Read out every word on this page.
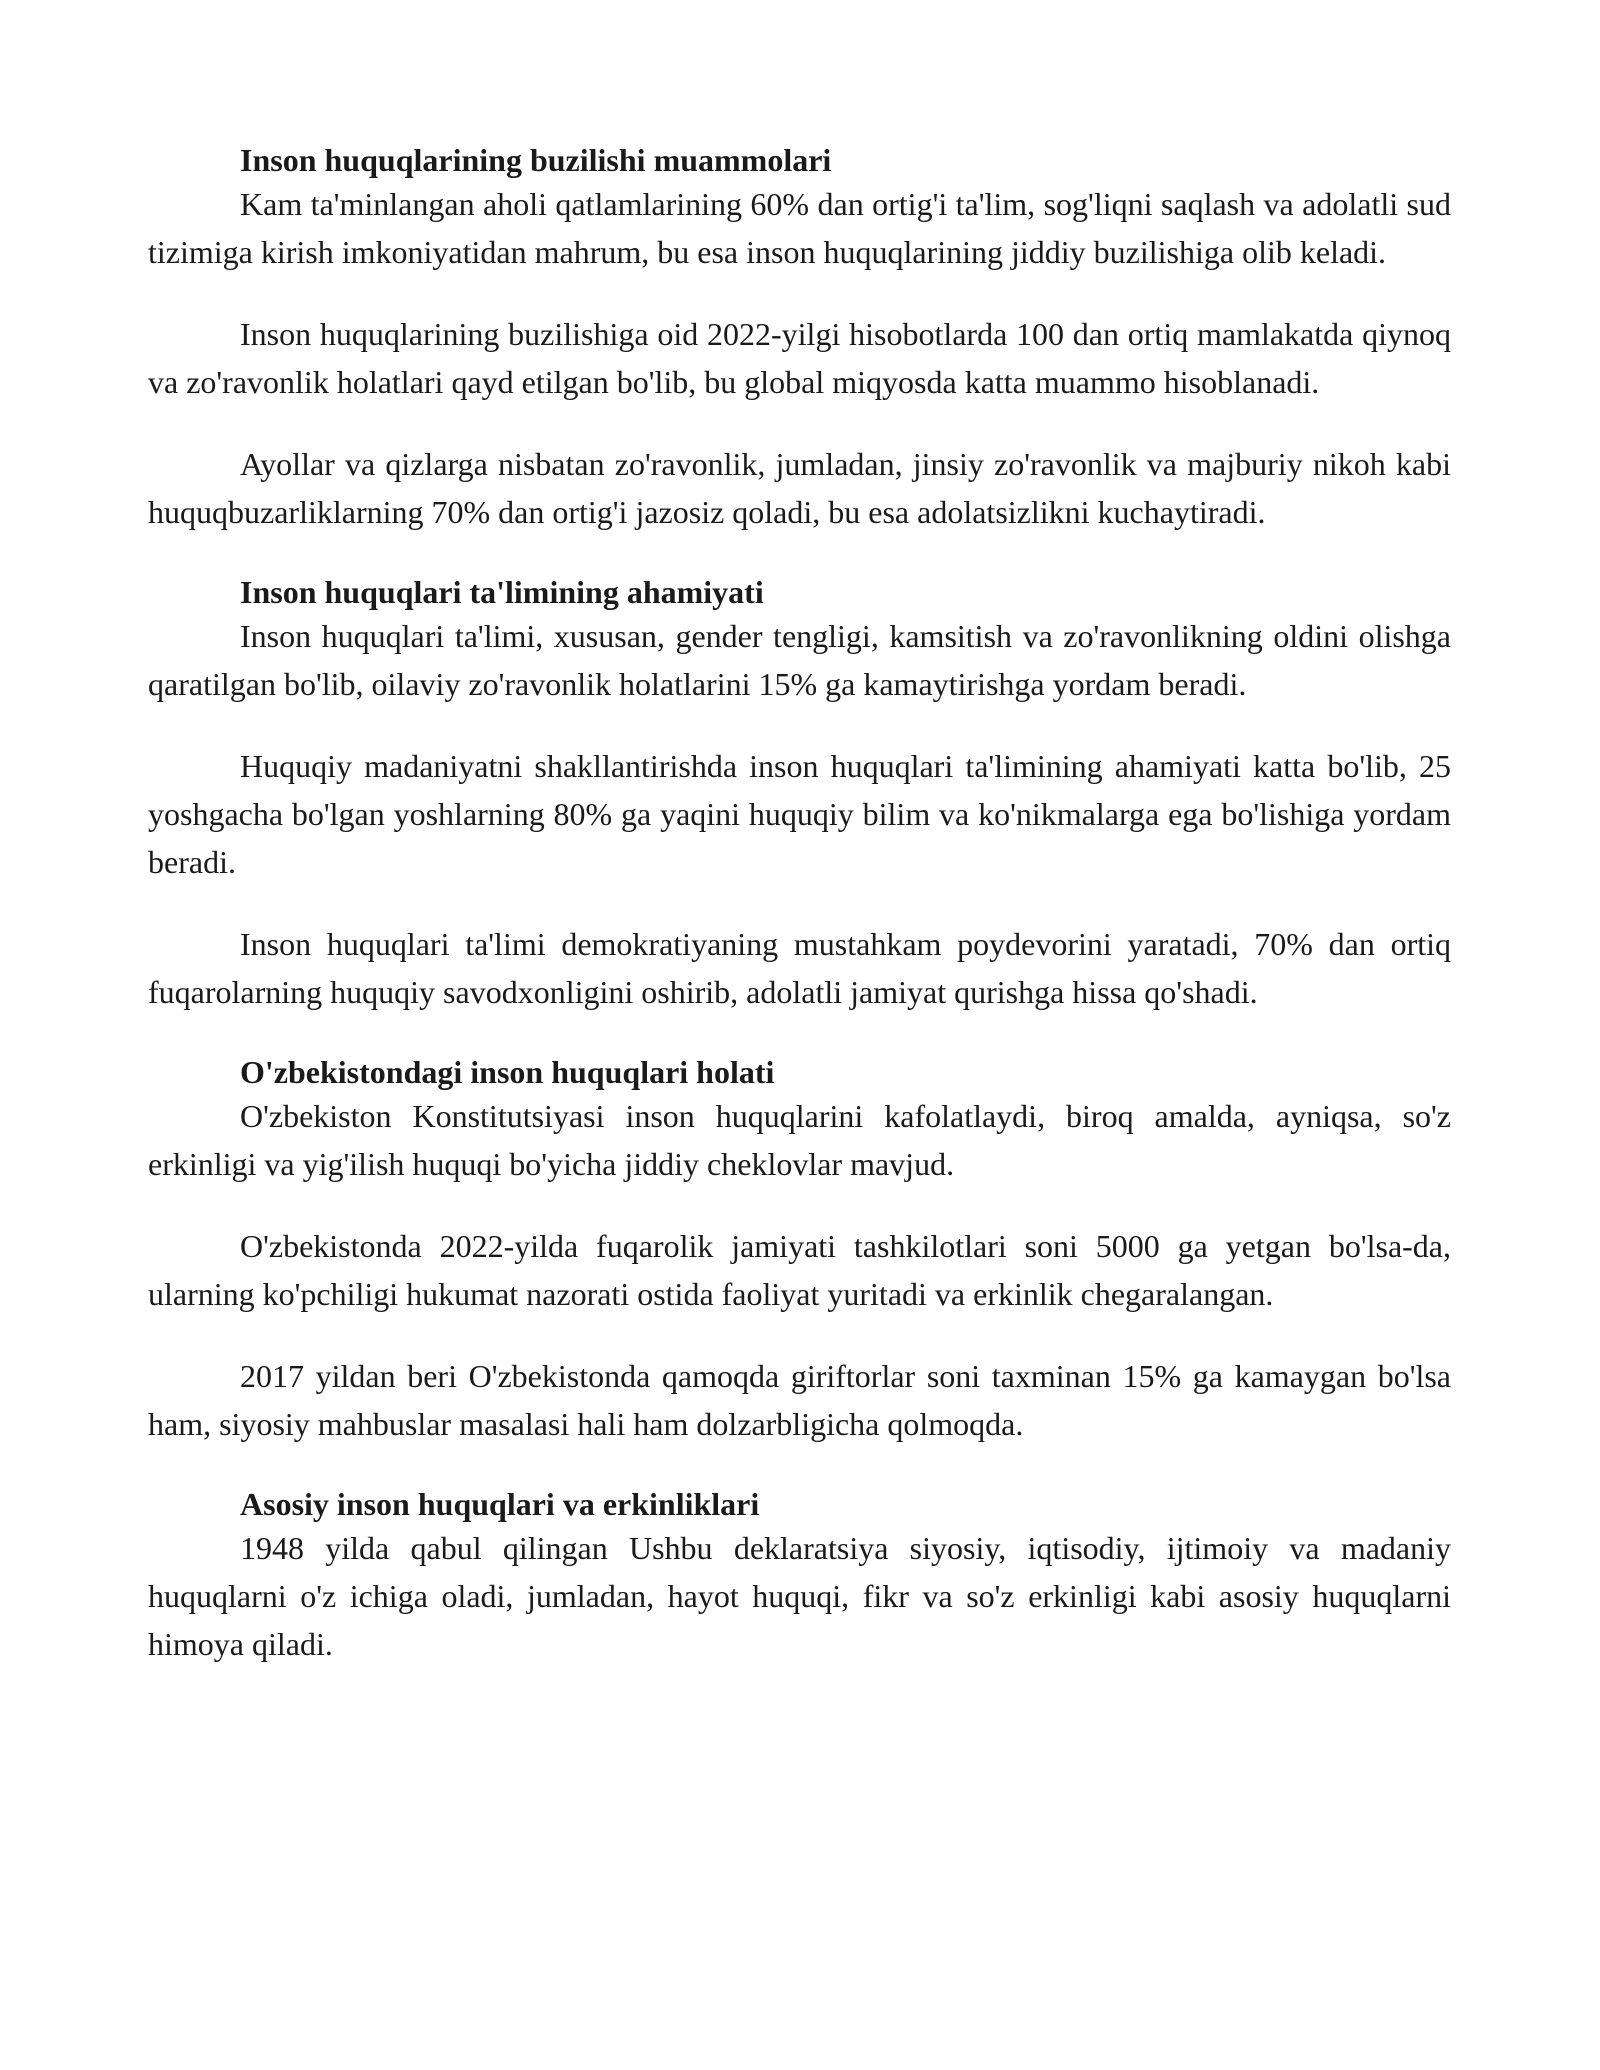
Inson huquqlarining buzilishi muammolari

Kam ta'minlangan aholi qatlamlarining 60% dan ortig'i ta'lim, sog'liqni saqlash va adolatli sud tizimiga kirish imkoniyatidan mahrum, bu esa inson huquqlarining jiddiy buzilishiga olib keladi.

Inson huquqlarining buzilishiga oid 2022-yilgi hisobotlarda 100 dan ortiq mamlakatda qiynoq va zo'ravonlik holatlari qayd etilgan bo'lib, bu global miqyosda katta muammo hisoblanadi.

Ayollar va qizlarga nisbatan zo'ravonlik, jumladan, jinsiy zo'ravonlik va majburiy nikoh kabi huquqbuzarliklarning 70% dan ortig'i jazosiz qoladi, bu esa adolatsizlikni kuchaytiradi.

Inson huquqlari ta'limining ahamiyati

Inson huquqlari ta'limi, xususan, gender tengligi, kamsitish va zo'ravonlikning oldini olishga qaratilgan bo'lib, oilaviy zo'ravonlik holatlarini 15% ga kamaytirishga yordam beradi.

Huquqiy madaniyatni shakllantirishda inson huquqlari ta'limining ahamiyati katta bo'lib, 25 yoshgacha bo'lgan yoshlarning 80% ga yaqini huquqiy bilim va ko'nikmalarga ega bo'lishiga yordam beradi.

Inson huquqlari ta'limi demokratiyaning mustahkam poydevorini yaratadi, 70% dan ortiq fuqarolarning huquqiy savodxonligini oshirib, adolatli jamiyat qurishga hissa qo'shadi.

O'zbekistondagi inson huquqlari holati

O'zbekiston Konstitutsiyasi inson huquqlarini kafolatlaydi, biroq amalda, ayniqsa, so'z erkinligi va yig'ilish huquqi bo'yicha jiddiy cheklovlar mavjud.

O'zbekistonda 2022-yilda fuqarolik jamiyati tashkilotlari soni 5000 ga yetgan bo'lsa-da, ularning ko'pchiligi hukumat nazorati ostida faoliyat yuritadi va erkinlik chegaralangan.

2017 yildan beri O'zbekistonda qamoqda giriftorlar soni taxminan 15% ga kamaygan bo'lsa ham, siyosiy mahbuslar masalasi hali ham dolzarbligicha qolmoqda.

Asosiy inson huquqlari va erkinliklari

1948 yilda qabul qilingan Ushbu deklaratsiya siyosiy, iqtisodiy, ijtimoiy va madaniy huquqlarni o'z ichiga oladi, jumladan, hayot huquqi, fikr va so'z erkinligi kabi asosiy huquqlarni himoya qiladi.
